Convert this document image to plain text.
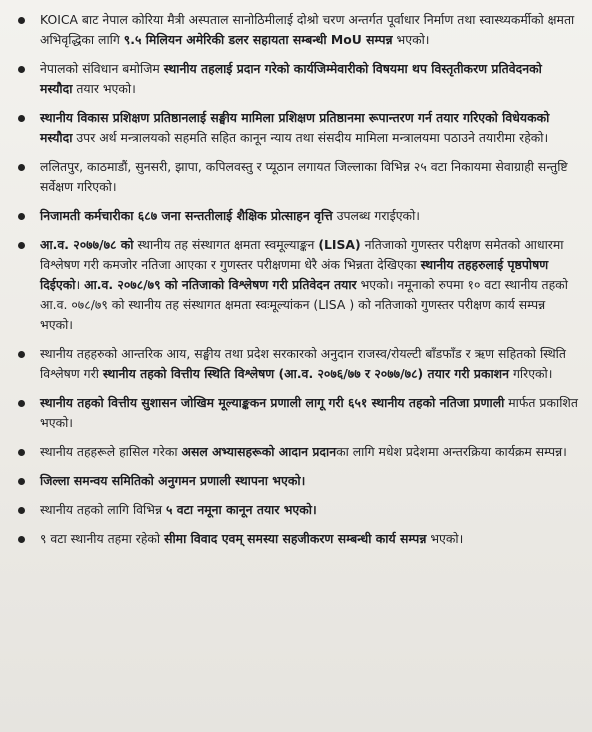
KOICA बाट नेपाल कोरिया मैत्री अस्पताल सानोठिमीलाई दोश्रो चरण अन्तर्गत पूर्वाधार निर्माण तथा स्वास्थ्यकर्मीको क्षमता अभिवृद्धिका लागि ९.५ मिलियन अमेरिकी डलर सहायता सम्बन्धी MoU सम्पन्न भएको।
नेपालको संविधान बमोजिम स्थानीय तहलाई प्रदान गरेको कार्यजिम्मेवारीको विषयमा थप विस्तृतीकरण प्रतिवेदनको मस्यौदा तयार भएको।
स्थानीय विकास प्रशिक्षण प्रतिष्ठानलाई सङ्घीय मामिला प्रशिक्षण प्रतिष्ठानमा रूपान्तरण गर्न तयार गरिएको विधेयकको मस्यौदा उपर अर्थ मन्त्रालयको सहमति सहित कानून न्याय तथा संसदीय मामिला मन्त्रालयमा पठाउने तयारीमा रहेको।
ललितपुर, काठमाडौं, सुनसरी, झापा, कपिलवस्तु र प्यूठान लगायत जिल्लाका विभिन्न २५ वटा निकायमा सेवाग्राही सन्तुष्टि सर्वेक्षण गरिएको।
निजामती कर्मचारीका ६८७ जना सन्ततीलाई शैक्षिक प्रोत्साहन वृत्ति उपलब्ध गराईएको।
आ.व. २०७७/७८ को स्थानीय तह संस्थागत क्षमता स्वमूल्याङ्कन (LISA) नतिजाको गुणस्तर परीक्षण समेतको आधारमा विश्लेषण गरी कमजोर नतिजा आएका र गुणस्तर परीक्षणमा धेरै अंक भिन्नता देखिएका स्थानीय तहहरुलाई पृष्ठपोषण दिईएको। आ.व. २०७८/७९ को नतिजाको विश्लेषण गरी प्रतिवेदन तयार भएको। नमूनाको रुपमा १० वटा स्थानीय तहको आ.व. ०७८/७९ को स्थानीय तह संस्थागत क्षमता स्वःमूल्यांकन (LISA ) को नतिजाको गुणस्तर परीक्षण कार्य सम्पन्न भएको।
स्थानीय तहहरुको आन्तरिक आय, सङ्घीय तथा प्रदेश सरकारको अनुदान राजस्व/रोयल्टी बाँडफाँड र ऋण सहितको स्थिति विश्लेषण गरी स्थानीय तहको वित्तीय स्थिति विश्लेषण (आ.व. २०७६/७७ र २०७७/७८) तयार गरी प्रकाशन गरिएको।
स्थानीय तहको वित्तीय सुशासन जोखिम मूल्याङ्ककन प्रणाली लागू गरी ६५१ स्थानीय तहको नतिजा प्रणाली मार्फत प्रकाशित भएको।
स्थानीय तहहरूले हासिल गरेका असल अभ्यासहरूको आदान प्रदानका लागि मधेश प्रदेशमा अन्तरक्रिया कार्यक्रम सम्पन्न।
जिल्ला समन्वय समितिको अनुगमन प्रणाली स्थापना भएको।
स्थानीय तहको लागि विभिन्न ५ वटा नमूना कानून तयार भएको।
९ वटा स्थानीय तहमा रहेको सीमा विवाद एवम् समस्या सहजीकरण सम्बन्धी कार्य सम्पन्न भएको।
